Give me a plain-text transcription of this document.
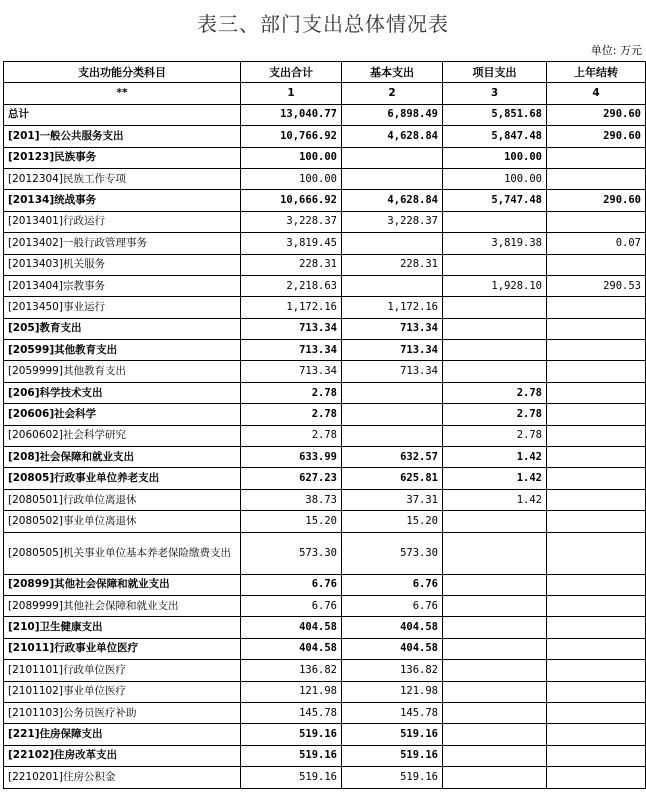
表三、部门支出总体情况表
单位: 万元
支出功能分类科目	支出合计	基本支出	项目支出	上年结转
**	1	2	3	4
总计	13,040.77	6,898.49	5,851.68	290.60
[201]一般公共服务支出	10,766.92	4,628.84	5,847.48	290.60
[20123]民族事务	100.00		100.00	
[2012304]民族工作专项	100.00		100.00	
[20134]统战事务	10,666.92	4,628.84	5,747.48	290.60
[2013401]行政运行	3,228.37	3,228.37		
[2013402]一般行政管理事务	3,819.45		3,819.38	0.07
[2013403]机关服务	228.31	228.31		
[2013404]宗教事务	2,218.63		1,928.10	290.53
[2013450]事业运行	1,172.16	1,172.16		
[205]教育支出	713.34	713.34		
[20599]其他教育支出	713.34	713.34		
[2059999]其他教育支出	713.34	713.34		
[206]科学技术支出	2.78		2.78	
[20606]社会科学	2.78		2.78	
[2060602]社会科学研究	2.78		2.78	
[208]社会保障和就业支出	633.99	632.57	1.42	
[20805]行政事业单位养老支出	627.23	625.81	1.42	
[2080501]行政单位离退休	38.73	37.31	1.42	
[2080502]事业单位离退休	15.20	15.20		
[2080505]机关事业单位基本养老保险缴费支出	573.30	573.30		
[20899]其他社会保障和就业支出	6.76	6.76		
[2089999]其他社会保障和就业支出	6.76	6.76		
[210]卫生健康支出	404.58	404.58		
[21011]行政事业单位医疗	404.58	404.58		
[2101101]行政单位医疗	136.82	136.82		
[2101102]事业单位医疗	121.98	121.98		
[2101103]公务员医疗补助	145.78	145.78		
[221]住房保障支出	519.16	519.16		
[22102]住房改革支出	519.16	519.16		
[2210201]住房公积金	519.16	519.16		
